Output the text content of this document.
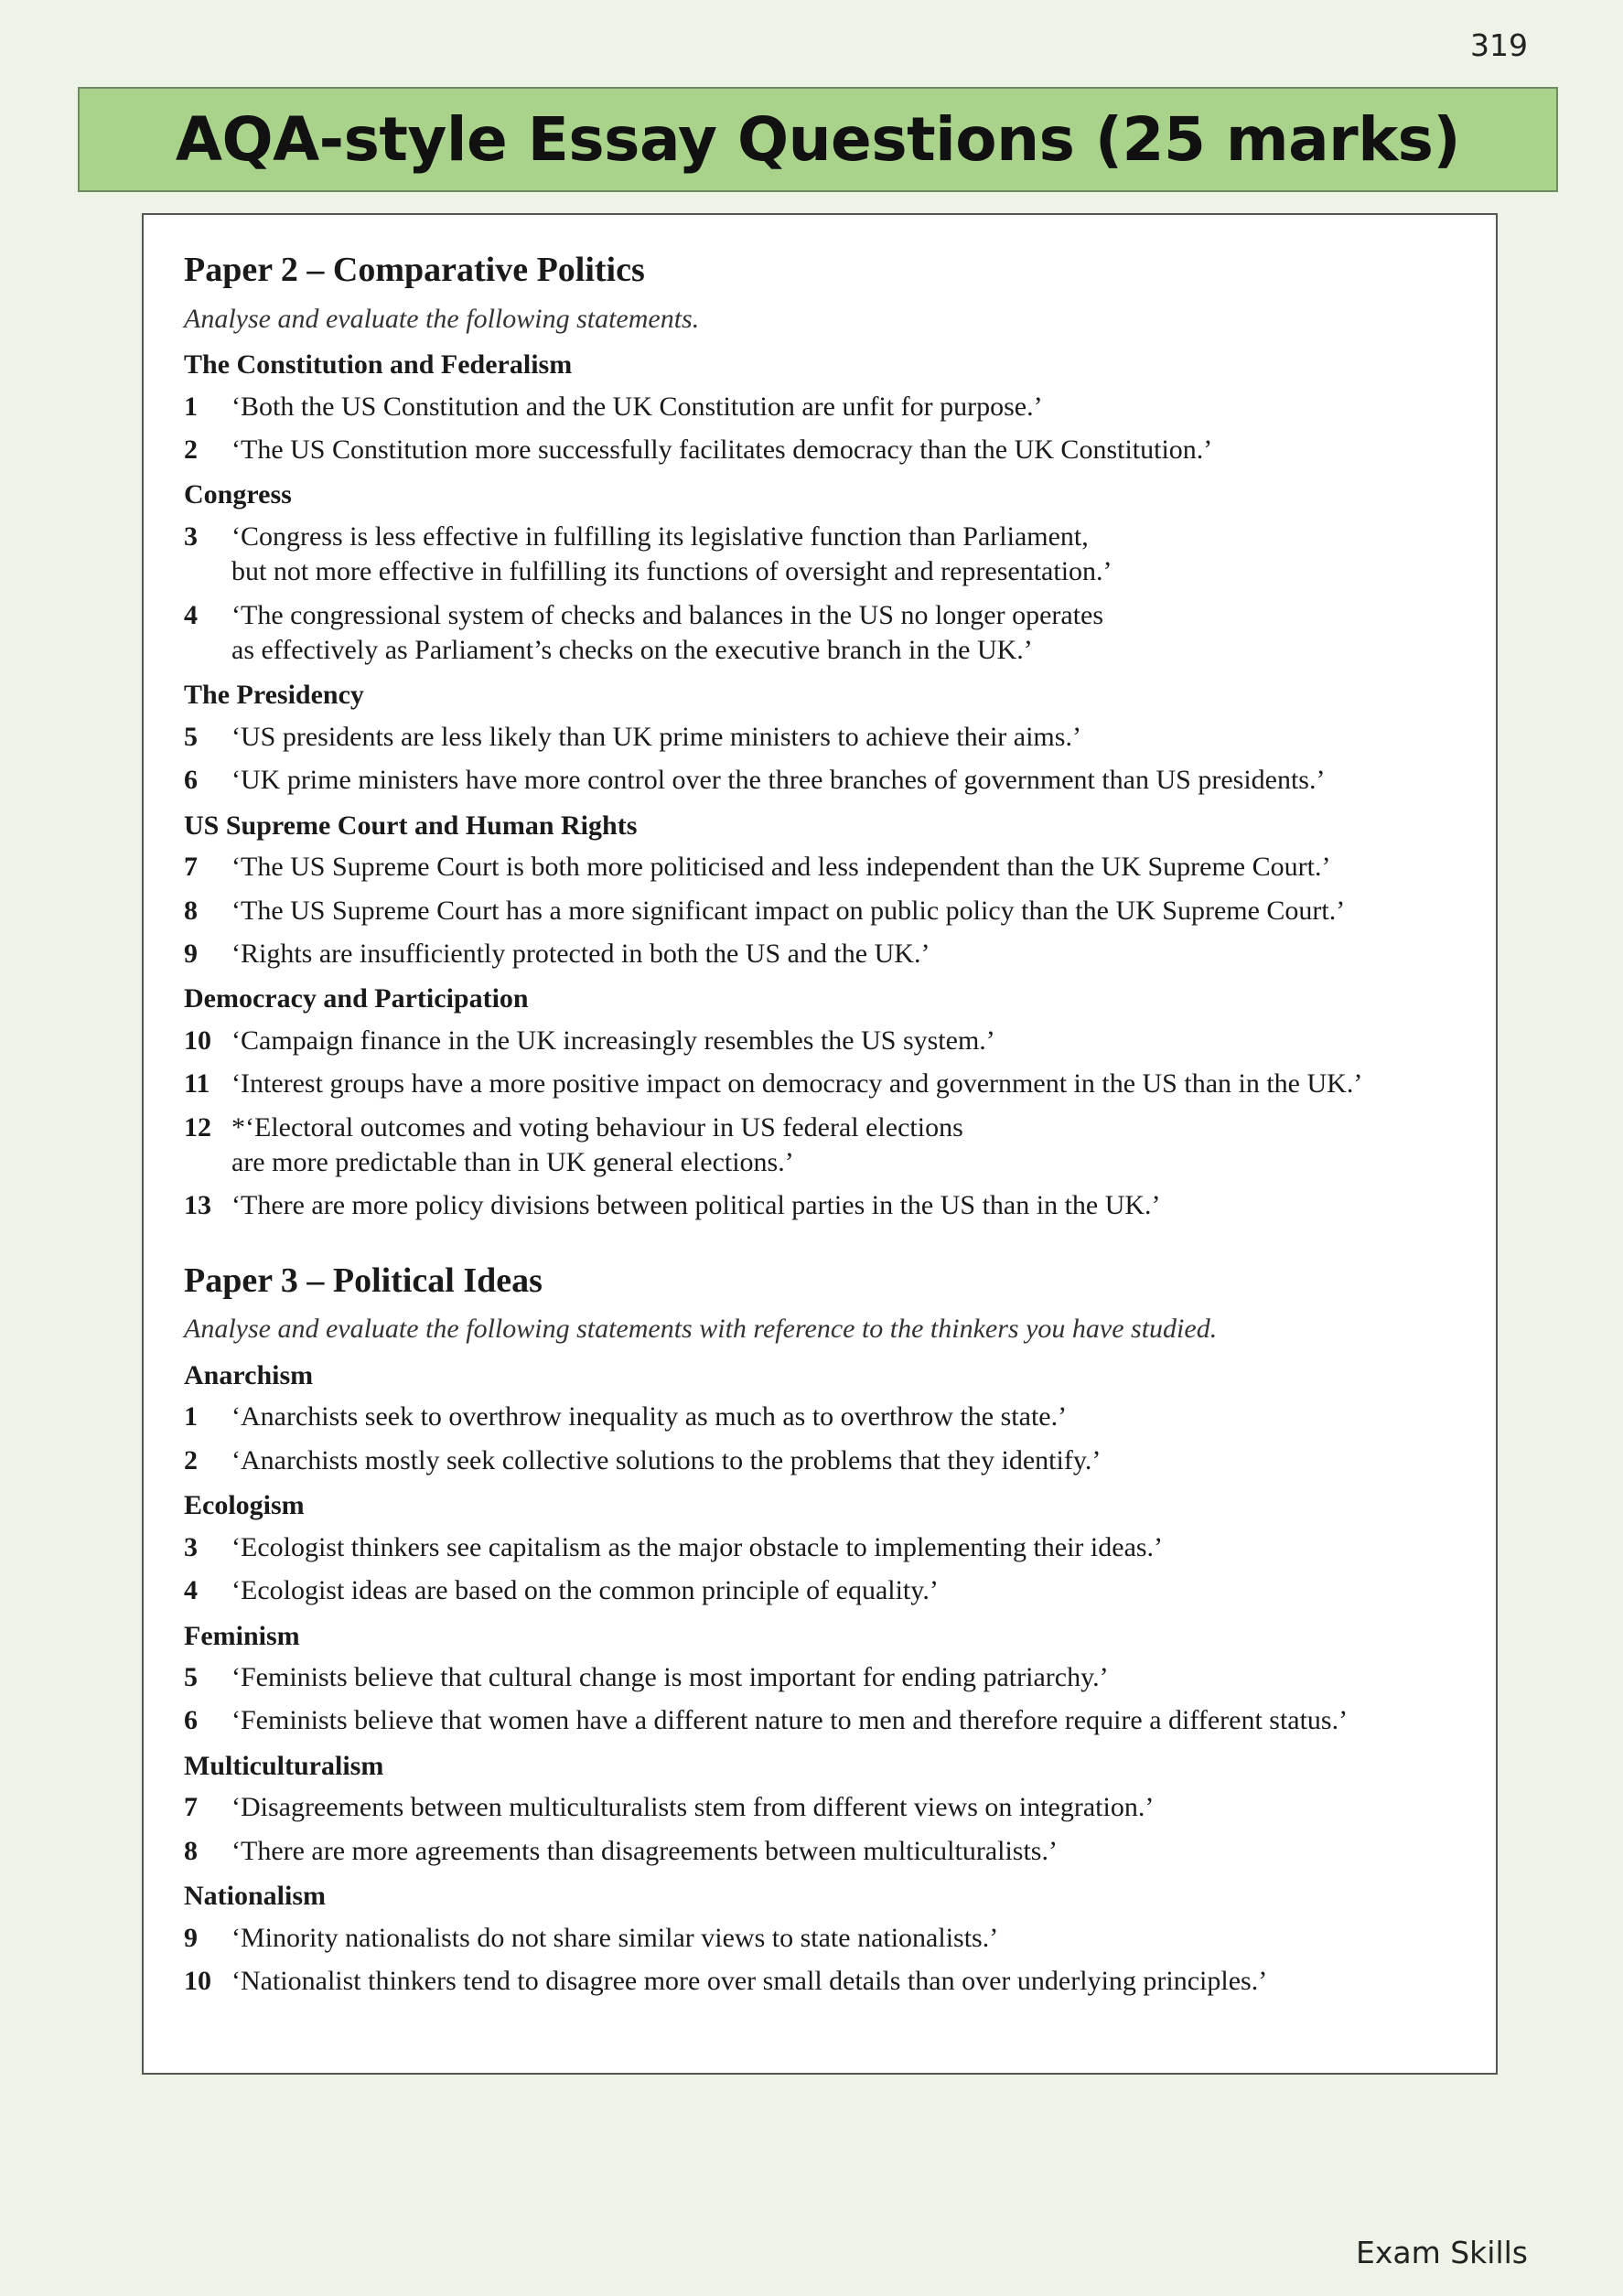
319
AQA-style Essay Questions (25 marks)
Paper 2 – Comparative Politics
Analyse and evaluate the following statements.
The Constitution and Federalism
1	‘Both the US Constitution and the UK Constitution are unfit for purpose.’
2	‘The US Constitution more successfully facilitates democracy than the UK Constitution.’
Congress
3	‘Congress is less effective in fulfilling its legislative function than Parliament,
but not more effective in fulfilling its functions of oversight and representation.’
4	‘The congressional system of checks and balances in the US no longer operates
as effectively as Parliament’s checks on the executive branch in the UK.’
The Presidency
5	‘US presidents are less likely than UK prime ministers to achieve their aims.’
6	‘UK prime ministers have more control over the three branches of government than US presidents.’
US Supreme Court and Human Rights
7	‘The US Supreme Court is both more politicised and less independent than the UK Supreme Court.’
8	‘The US Supreme Court has a more significant impact on public policy than the UK Supreme Court.’
9	‘Rights are insufficiently protected in both the US and the UK.’
Democracy and Participation
10 ‘Campaign finance in the UK increasingly resembles the US system.’
11 ‘Interest groups have a more positive impact on democracy and government in the US than in the UK.’
12 *‘Electoral outcomes and voting behaviour in US federal elections
are more predictable than in UK general elections.’
13 ‘There are more policy divisions between political parties in the US than in the UK.’
Paper 3 – Political Ideas
Analyse and evaluate the following statements with reference to the thinkers you have studied.
Anarchism
1	‘Anarchists seek to overthrow inequality as much as to overthrow the state.’
2	‘Anarchists mostly seek collective solutions to the problems that they identify.’
Ecologism
3	‘Ecologist thinkers see capitalism as the major obstacle to implementing their ideas.’
4	‘Ecologist ideas are based on the common principle of equality.’
Feminism
5	‘Feminists believe that cultural change is most important for ending patriarchy.’
6	‘Feminists believe that women have a different nature to men and therefore require a different status.’
Multiculturalism
7	‘Disagreements between multiculturalists stem from different views on integration.’
8	‘There are more agreements than disagreements between multiculturalists.’
Nationalism
9	‘Minority nationalists do not share similar views to state nationalists.’
10 ‘Nationalist thinkers tend to disagree more over small details than over underlying principles.’
Exam Skills
